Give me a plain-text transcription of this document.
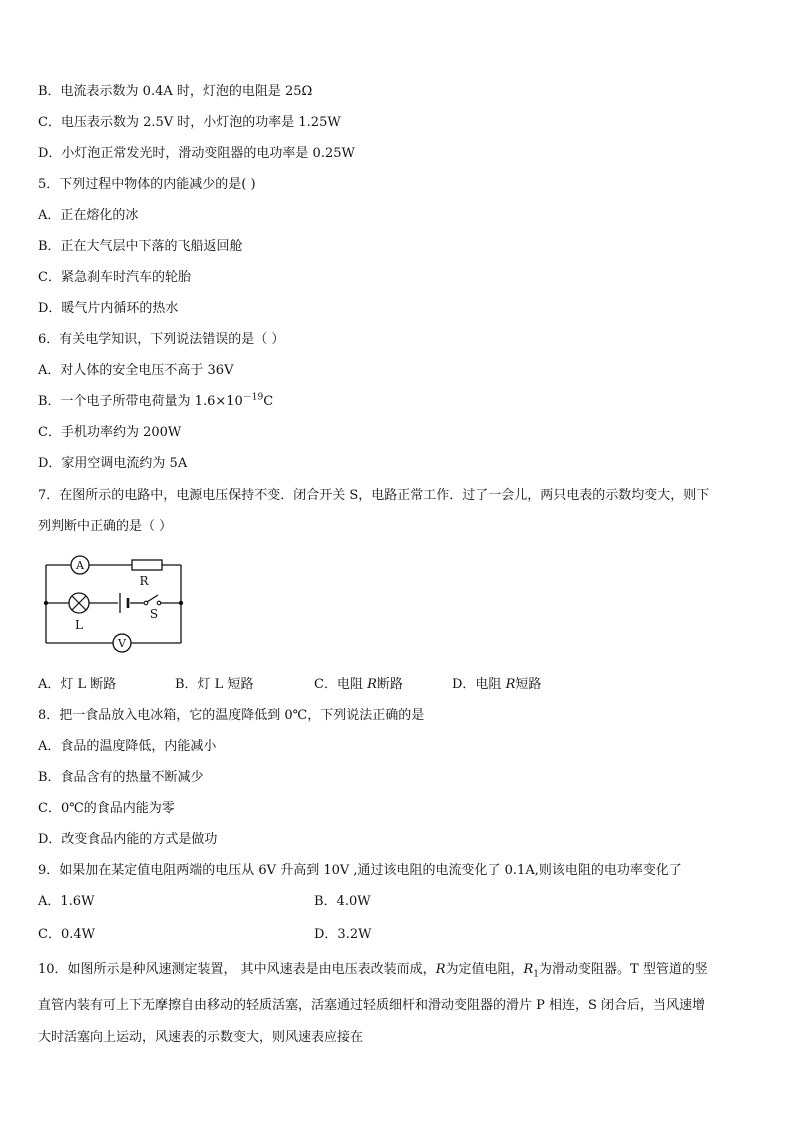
B．电流表示数为 0.4A 时，灯泡的电阻是 25Ω
C．电压表示数为 2.5V 时，小灯泡的功率是 1.25W
D．小灯泡正常发光时，滑动变阻器的电功率是 0.25W
5．下列过程中物体的内能减少的是( )
A．正在熔化的冰
B．正在大气层中下落的飞船返回舱
C．紧急刹车时汽车的轮胎
D．暖气片内循环的热水
6．有关电学知识，下列说法错误的是（ ）
A．对人体的安全电压不高于 36V
B．一个电子所带电荷量为 $1.6\times 10^{-19}C$
C．手机功率约为 200W
D．家用空调电流约为 5A
7．在图所示的电路中，电源电压保持不变．闭合开关 S，电路正常工作．过了一会儿，两只电表的示数均变大，则下
列判断中正确的是（ ）
A
R
L
S
V
A．灯 L 断路	B．灯 L 短路	C．电阻 R断路	D．电阻 R短路
8．把一食品放入电冰箱，它的温度降低到 0℃，下列说法正确的是
A．食品的温度降低，内能减小
B．食品含有的热量不断减少
C．0℃的食品内能为零
D．改变食品内能的方式是做功
9．如果加在某定值电阻两端的电压从 6V 升高到 10V ,通过该电阻的电流变化了 0.1A,则该电阻的电功率变化了
A．1.6W	B．4.0W
C．0.4W	D．3.2W
10．如图所示是种风速测定装置， 其中风速表是由电压表改装而成，R为定值电阻，$R_1$为滑动变阻器。T 型管道的竖
直管内装有可上下无摩擦自由移动的轻质活塞，活塞通过轻质细杆和滑动变阻器的滑片 P 相连，S 闭合后，当风速增
大时活塞向上运动，风速表的示数变大，则风速表应接在
